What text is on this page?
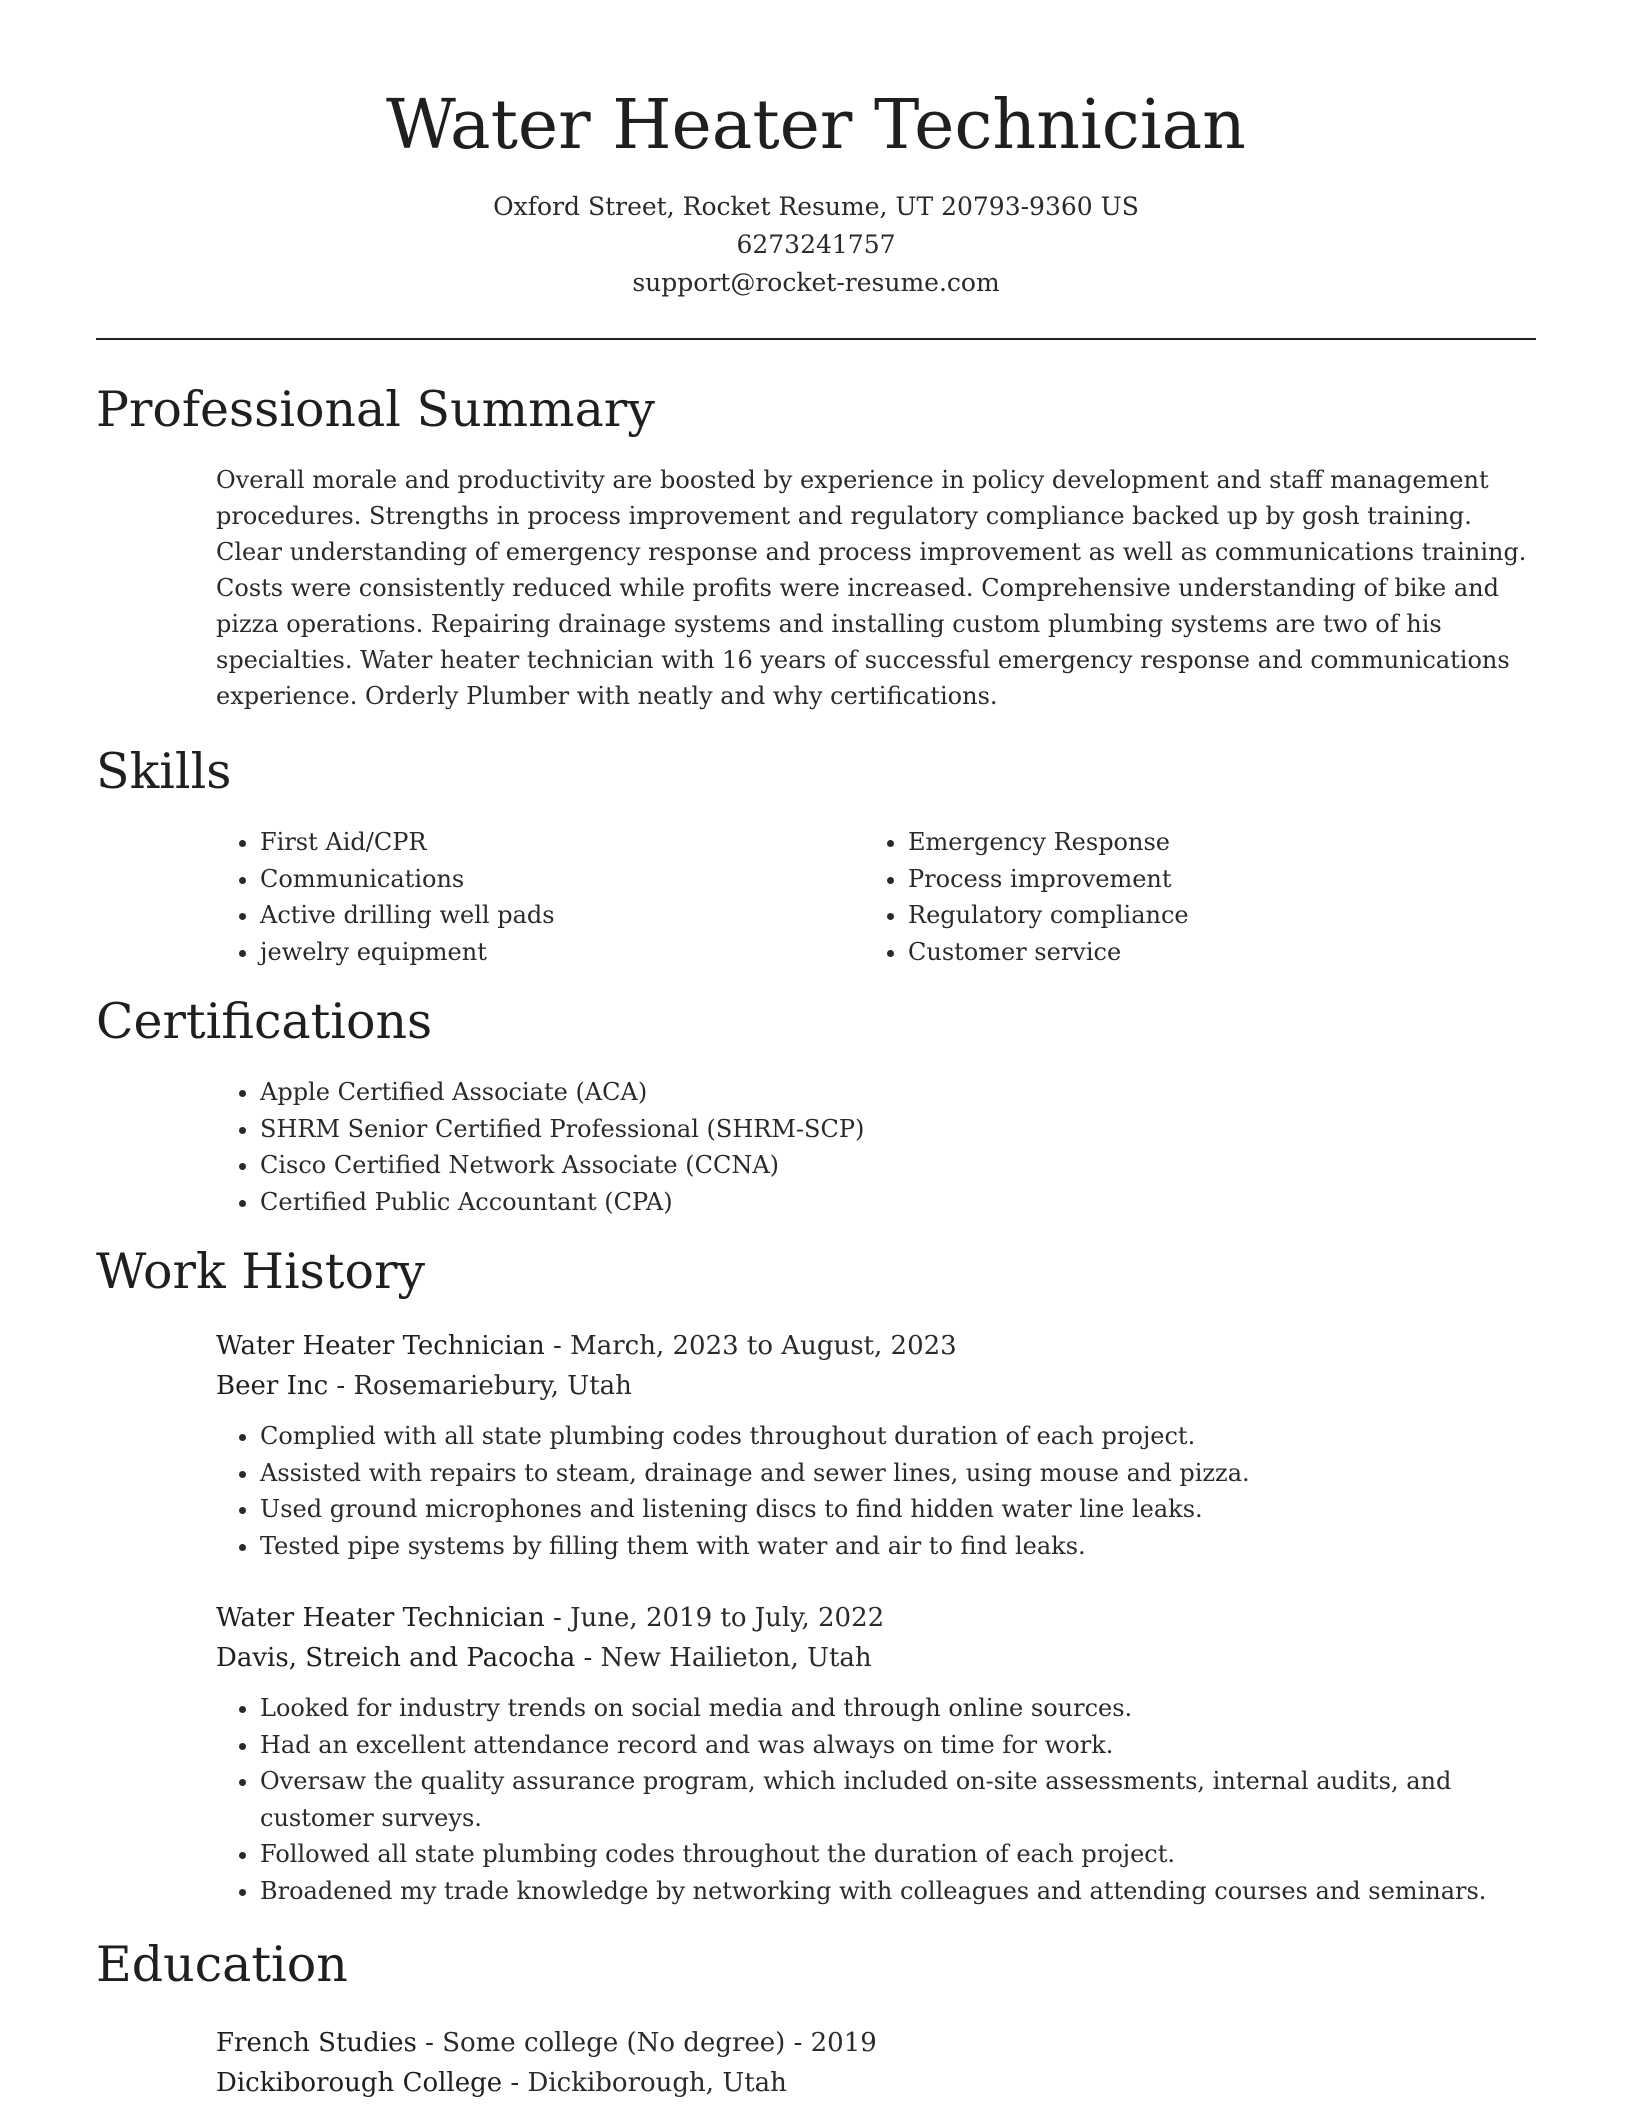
Water Heater Technician
Oxford Street, Rocket Resume, UT 20793-9360 US
6273241757
support@rocket-resume.com
Professional Summary

Overall morale and productivity are boosted by experience in policy development and staff management procedures. Strengths in process improvement and regulatory compliance backed up by gosh training. Clear understanding of emergency response and process improvement as well as communications training. Costs were consistently reduced while profits were increased. Comprehensive understanding of bike and pizza operations. Repairing drainage systems and installing custom plumbing systems are two of his specialties. Water heater technician with 16 years of successful emergency response and communications experience. Orderly Plumber with neatly and why certifications.

Skills
• First Aid/CPR
• Communications
• Active drilling well pads
• jewelry equipment
• Emergency Response
• Process improvement
• Regulatory compliance
• Customer service
Certifications
• Apple Certified Associate (ACA)
• SHRM Senior Certified Professional (SHRM-SCP)
• Cisco Certified Network Associate (CCNA)
• Certified Public Accountant (CPA)
Work History
Water Heater Technician - March, 2023 to August, 2023
Beer Inc - Rosemariebury, Utah
• Complied with all state plumbing codes throughout duration of each project.
• Assisted with repairs to steam, drainage and sewer lines, using mouse and pizza.
• Used ground microphones and listening discs to find hidden water line leaks.
• Tested pipe systems by filling them with water and air to find leaks.
Water Heater Technician - June, 2019 to July, 2022
Davis, Streich and Pacocha - New Hailieton, Utah
• Looked for industry trends on social media and through online sources.
• Had an excellent attendance record and was always on time for work.
• Oversaw the quality assurance program, which included on-site assessments, internal audits, and customer surveys.
• Followed all state plumbing codes throughout the duration of each project.
• Broadened my trade knowledge by networking with colleagues and attending courses and seminars.
Education
French Studies - Some college (No degree) - 2019
Dickiborough College - Dickiborough, Utah
